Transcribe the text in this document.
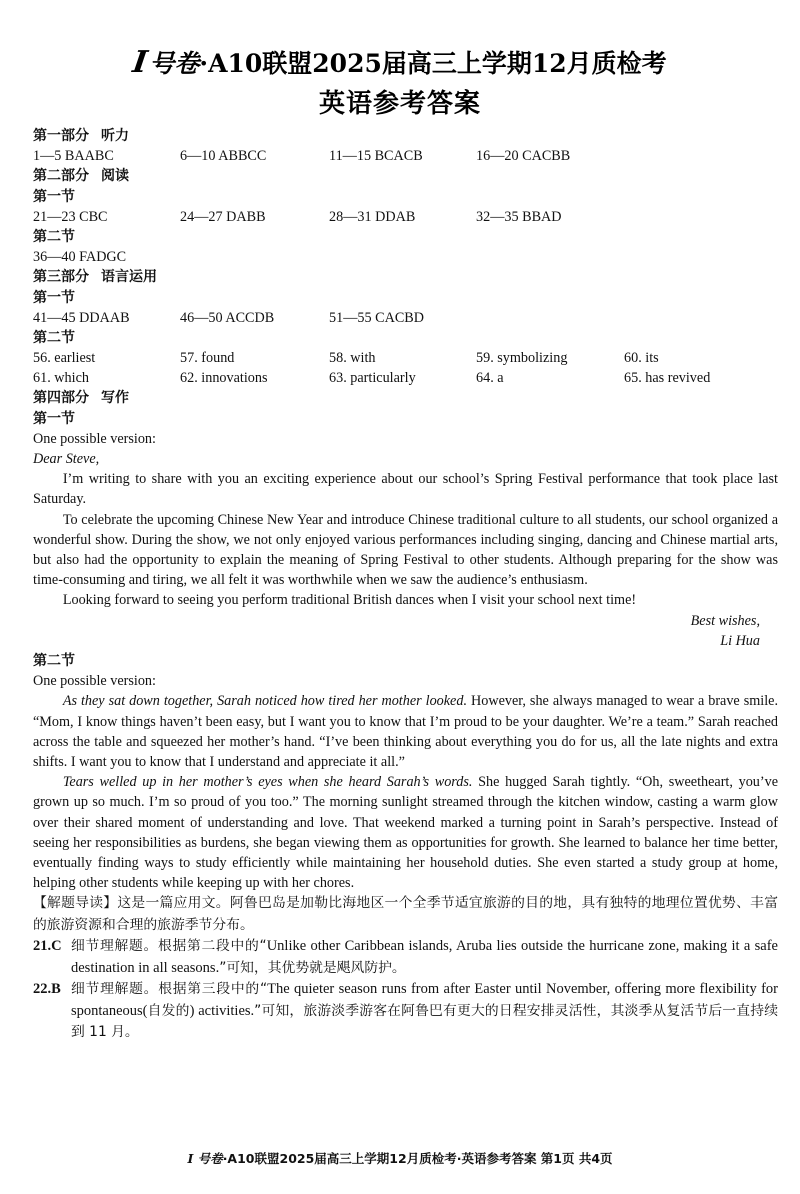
I号卷·A10联盟2025届高三上学期12月质检考
英语参考答案
第一部分 听力
1—5 BAABC	6—10 ABBCC	11—15 BCACB	16—20 CACBB
第二部分 阅读
第一节
21—23 CBC	24—27 DABB	28—31 DDAB	32—35 BBAD
第二节
36—40 FADGC
第三部分 语言运用
第一节
41—45 DDAAB	46—50 ACCDB	51—55 CACBD
第二节
56. earliest	57. found	58. with	59. symbolizing	60. its
61. which	62. innovations	63. particularly	64. a	65. has revived
第四部分 写作
第一节
One possible version:
Dear Steve,

I’m writing to share with you an exciting experience about our school’s Spring Festival performance that took place last Saturday.

To celebrate the upcoming Chinese New Year and introduce Chinese traditional culture to all students, our school organized a wonderful show. During the show, we not only enjoyed various performances including singing, dancing and Chinese martial arts, but also had the opportunity to explain the meaning of Spring Festival to other students. Although preparing for the show was time-consuming and tiring, we all felt it was worthwhile when we saw the audience’s enthusiasm.

Looking forward to seeing you perform traditional British dances when I visit your school next time!

Best wishes,
Li Hua
第二节
One possible version:

As they sat down together, Sarah noticed how tired her mother looked. However, she always managed to wear a brave smile. “Mom, I know things haven’t been easy, but I want you to know that I’m proud to be your daughter. We’re a team.” Sarah reached across the table and squeezed her mother’s hand. “I’ve been thinking about everything you do for us, all the late nights and extra shifts. I want you to know that I understand and appreciate it all.”

Tears welled up in her mother’s eyes when she heard Sarah’s words. She hugged Sarah tightly. “Oh, sweetheart, you’ve grown up so much. I’m so proud of you too.” The morning sunlight streamed through the kitchen window, casting a warm glow over their shared moment of understanding and love. That weekend marked a turning point in Sarah’s perspective. Instead of seeing her responsibilities as burdens, she began viewing them as opportunities for growth. She learned to balance her time better, eventually finding ways to study efficiently while maintaining her household duties. She even started a study group at home, helping other students while keeping up with her chores.

【解题导读】这是一篇应用文。阿鲁巴岛是加勒比海地区一个全季节适宜旅游的目的地，具有独特的地理位置优势、丰富的旅游资源和合理的旅游季节分布。

21.C 细节理解题。根据第二段中的“Unlike other Caribbean islands, Aruba lies outside the hurricane zone, making it a safe destination in all seasons.”可知，其优势就是飓风防护。

22.B 细节理解题。根据第三段中的“The quieter season runs from after Easter until November, offering more flexibility for spontaneous(自发的) activities.”可知，旅游淡季游客在阿鲁巴有更大的日程安排灵活性，其淡季从复活节后一直持续到 11 月。

I 号卷·A10联盟2025届高三上学期12月质检考·英语参考答案 第1页 共4页
